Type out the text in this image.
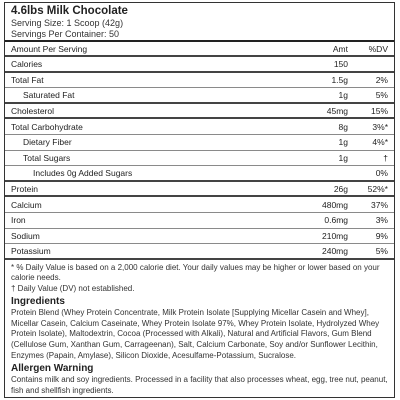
4.6lbs Milk Chocolate
Serving Size: 1 Scoop (42g)
Servings Per Container: 50
Amount Per Serving	Amt	%DV
Calories	150
Total Fat	1.5g	2%
Saturated Fat	1g	5%
Cholesterol	45mg	15%
Total Carbohydrate	8g	3%*
Dietary Fiber	1g	4%*
Total Sugars	1g	†
Includes 0g Added Sugars	0%
Protein	26g	52%*
Calcium	480mg	37%
Iron	0.6mg	3%
Sodium	210mg	9%
Potassium	240mg	5%
* % Daily Value is based on a 2,000 calorie diet. Your daily values may be higher or lower based on your calorie needs.
† Daily Value (DV) not established.
Ingredients
Protein Blend (Whey Protein Concentrate, Milk Protein Isolate [Supplying Micellar Casein and Whey], Micellar Casein, Calcium Caseinate, Whey Protein Isolate 97%, Whey Protein Isolate, Hydrolyzed Whey Protein Isolate), Maltodextrin, Cocoa (Processed with Alkali), Natural and Artificial Flavors, Gum Blend (Cellulose Gum, Xanthan Gum, Carrageenan), Salt, Calcium Carbonate, Soy and/or Sunflower Lecithin, Enzymes (Papain, Amylase), Silicon Dioxide, Acesulfame-Potassium, Sucralose.
Allergen Warning
Contains milk and soy ingredients. Processed in a facility that also processes wheat, egg, tree nut, peanut, fish and shellfish ingredients.
